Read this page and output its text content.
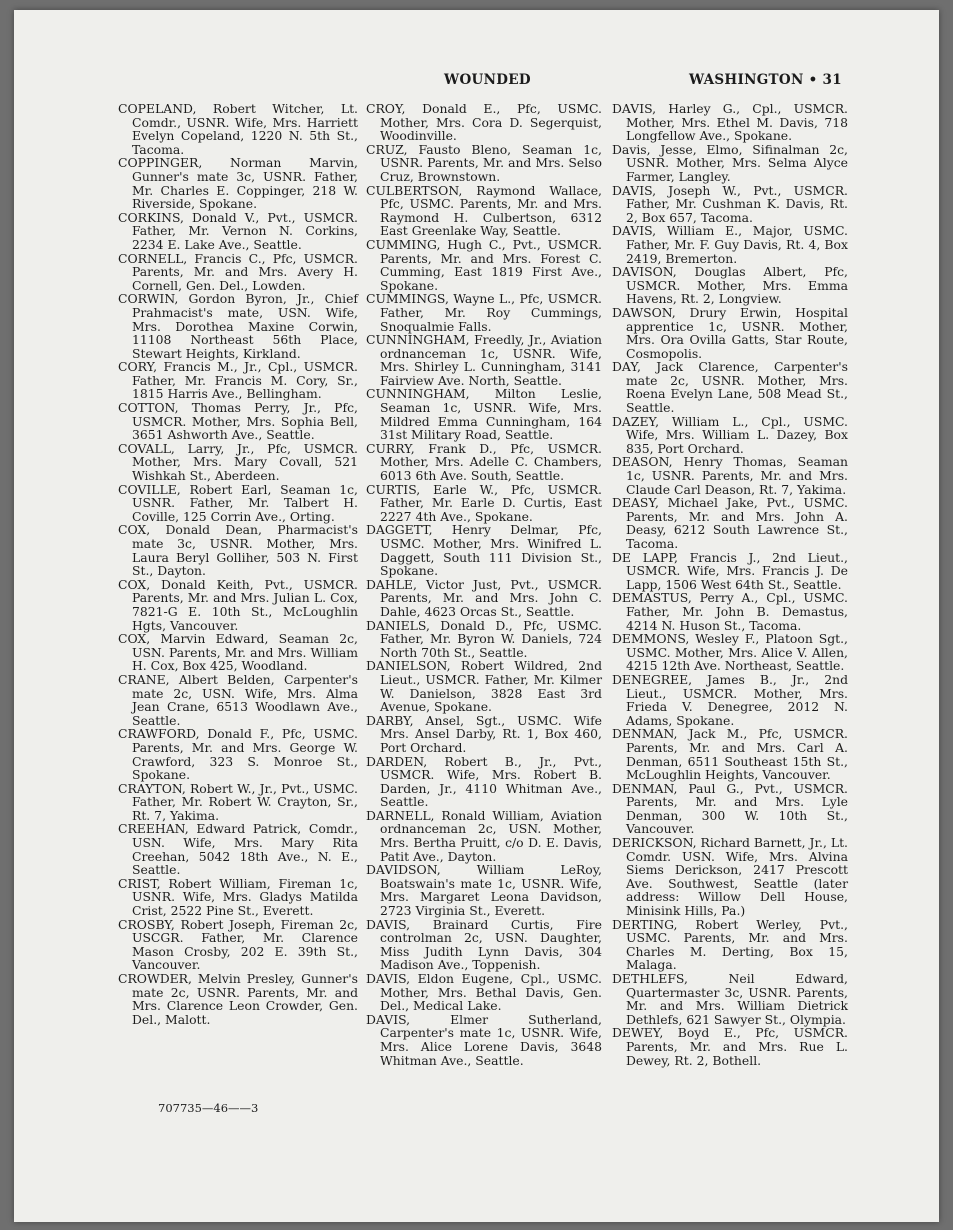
WOUNDED	WASHINGTON • 31

COPELAND, Robert Witcher, Lt. Comdr., USNR. Wife, Mrs. Harriett Evelyn Copeland, 1220 N. 5th St., Tacoma.

COPPINGER, Norman Marvin, Gunner's mate 3c, USNR. Father, Mr. Charles E. Coppinger, 218 W. Riverside, Spokane.

CORKINS, Donald V., Pvt., USMCR. Father, Mr. Vernon N. Corkins, 2234 E. Lake Ave., Seattle.

CORNELL, Francis C., Pfc, USMCR. Parents, Mr. and Mrs. Avery H. Cornell, Gen. Del., Lowden.

CORWIN, Gordon Byron, Jr., Chief Prahmacist's mate, USN. Wife, Mrs. Dorothea Maxine Corwin, 11108 Northeast 56th Place, Stewart Heights, Kirkland.

CORY, Francis M., Jr., Cpl., USMCR. Father, Mr. Francis M. Cory, Sr., 1815 Harris Ave., Bellingham.

COTTON, Thomas Perry, Jr., Pfc, USMCR. Mother, Mrs. Sophia Bell, 3651 Ashworth Ave., Seattle.

COVALL, Larry, Jr., Pfc, USMCR. Mother, Mrs. Mary Covall, 521 Wishkah St., Aberdeen.

COVILLE, Robert Earl, Seaman 1c, USNR. Father, Mr. Talbert H. Coville, 125 Corrin Ave., Orting.

COX, Donald Dean, Pharmacist's mate 3c, USNR. Mother, Mrs. Laura Beryl Golliher, 503 N. First St., Dayton.

COX, Donald Keith, Pvt., USMCR. Parents, Mr. and Mrs. Julian L. Cox, 7821-G E. 10th St., McLoughlin Hgts, Vancouver.

COX, Marvin Edward, Seaman 2c, USN. Parents, Mr. and Mrs. William H. Cox, Box 425, Woodland.

CRANE, Albert Belden, Carpenter's mate 2c, USN. Wife, Mrs. Alma Jean Crane, 6513 Woodlawn Ave., Seattle.

CRAWFORD, Donald F., Pfc, USMC. Parents, Mr. and Mrs. George W. Crawford, 323 S. Monroe St., Spokane.

CRAYTON, Robert W., Jr., Pvt., USMC. Father, Mr. Robert W. Crayton, Sr., Rt. 7, Yakima.

CREEHAN, Edward Patrick, Comdr., USN. Wife, Mrs. Mary Rita Creehan, 5042 18th Ave., N. E., Seattle.

CRIST, Robert William, Fireman 1c, USNR. Wife, Mrs. Gladys Matilda Crist, 2522 Pine St., Everett.

CROSBY, Robert Joseph, Fireman 2c, USCGR. Father, Mr. Clarence Mason Crosby, 202 E. 39th St., Vancouver.

CROWDER, Melvin Presley, Gunner's mate 2c, USNR. Parents, Mr. and Mrs. Clarence Leon Crowder, Gen. Del., Malott.

CROY, Donald E., Pfc, USMC. Mother, Mrs. Cora D. Segerquist, Woodinville.

CRUZ, Fausto Bleno, Seaman 1c, USNR. Parents, Mr. and Mrs. Selso Cruz, Brownstown.

CULBERTSON, Raymond Wallace, Pfc, USMC. Parents, Mr. and Mrs. Raymond H. Culbertson, 6312 East Greenlake Way, Seattle.

CUMMING, Hugh C., Pvt., USMCR. Parents, Mr. and Mrs. Forest C. Cumming, East 1819 First Ave., Spokane.

CUMMINGS, Wayne L., Pfc, USMCR. Father, Mr. Roy Cummings, Snoqualmie Falls.

CUNNINGHAM, Freedly, Jr., Aviation ordnanceman 1c, USNR. Wife, Mrs. Shirley L. Cunningham, 3141 Fairview Ave. North, Seattle.

CUNNINGHAM, Milton Leslie, Seaman 1c, USNR. Wife, Mrs. Mildred Emma Cunningham, 164 31st Military Road, Seattle.

CURRY, Frank D., Pfc, USMCR. Mother, Mrs. Adelle C. Chambers, 6013 6th Ave. South, Seattle.

CURTIS, Earle W., Pfc, USMCR. Father, Mr. Earle D. Curtis, East 2227 4th Ave., Spokane.

DAGGETT, Henry Delmar, Pfc, USMC. Mother, Mrs. Winifred L. Daggett, South 111 Division St., Spokane.

DAHLE, Victor Just, Pvt., USMCR. Parents, Mr. and Mrs. John C. Dahle, 4623 Orcas St., Seattle.

DANIELS, Donald D., Pfc, USMC. Father, Mr. Byron W. Daniels, 724 North 70th St., Seattle.

DANIELSON, Robert Wildred, 2nd Lieut., USMCR. Father, Mr. Kilmer W. Danielson, 3828 East 3rd Avenue, Spokane.

DARBY, Ansel, Sgt., USMC. Wife Mrs. Ansel Darby, Rt. 1, Box 460, Port Orchard.

DARDEN, Robert B., Jr., Pvt., USMCR. Wife, Mrs. Robert B. Darden, Jr., 4110 Whitman Ave., Seattle.

DARNELL, Ronald William, Aviation ordnanceman 2c, USN. Mother, Mrs. Bertha Pruitt, c/o D. E. Davis, Patit Ave., Dayton.

DAVIDSON, William LeRoy, Boatswain's mate 1c, USNR. Wife, Mrs. Margaret Leona Davidson, 2723 Virginia St., Everett.

DAVIS, Brainard Curtis, Fire controlman 2c, USN. Daughter, Miss Judith Lynn Davis, 304 Madison Ave., Toppenish.

DAVIS, Eldon Eugene, Cpl., USMC. Mother, Mrs. Bethal Davis, Gen. Del., Medical Lake.

DAVIS, Elmer Sutherland, Carpenter's mate 1c, USNR. Wife, Mrs. Alice Lorene Davis, 3648 Whitman Ave., Seattle.

DAVIS, Harley G., Cpl., USMCR. Mother, Mrs. Ethel M. Davis, 718 Longfellow Ave., Spokane.

Davis, Jesse, Elmo, Sifinalman 2c, USNR. Mother, Mrs. Selma Alyce Farmer, Langley.

DAVIS, Joseph W., Pvt., USMCR. Father, Mr. Cushman K. Davis, Rt. 2, Box 657, Tacoma.

DAVIS, William E., Major, USMC. Father, Mr. F. Guy Davis, Rt. 4, Box 2419, Bremerton.

DAVISON, Douglas Albert, Pfc, USMCR. Mother, Mrs. Emma Havens, Rt. 2, Longview.

DAWSON, Drury Erwin, Hospital apprentice 1c, USNR. Mother, Mrs. Ora Ovilla Gatts, Star Route, Cosmopolis.

DAY, Jack Clarence, Carpenter's mate 2c, USNR. Mother, Mrs. Roena Evelyn Lane, 508 Mead St., Seattle.

DAZEY, William L., Cpl., USMC. Wife, Mrs. William L. Dazey, Box 835, Port Orchard.

DEASON, Henry Thomas, Seaman 1c, USNR. Parents, Mr. and Mrs. Claude Carl Deason, Rt. 7, Yakima.

DEASY, Michael Jake, Pvt., USMC. Parents, Mr. and Mrs. John A. Deasy, 6212 South Lawrence St., Tacoma.

DE LAPP, Francis J., 2nd Lieut., USMCR. Wife, Mrs. Francis J. De Lapp, 1506 West 64th St., Seattle.

DEMASTUS, Perry A., Cpl., USMC. Father, Mr. John B. Demastus, 4214 N. Huson St., Tacoma.

DEMMONS, Wesley F., Platoon Sgt., USMC. Mother, Mrs. Alice V. Allen, 4215 12th Ave. Northeast, Seattle.

DENEGREE, James B., Jr., 2nd Lieut., USMCR. Mother, Mrs. Frieda V. Denegree, 2012 N. Adams, Spokane.

DENMAN, Jack M., Pfc, USMCR. Parents, Mr. and Mrs. Carl A. Denman, 6511 Southeast 15th St., McLoughlin Heights, Vancouver.

DENMAN, Paul G., Pvt., USMCR. Parents, Mr. and Mrs. Lyle Denman, 300 W. 10th St., Vancouver.

DERICKSON, Richard Barnett, Jr., Lt. Comdr. USN. Wife, Mrs. Alvina Siems Derickson, 2417 Prescott Ave. Southwest, Seattle (later address: Willow Dell House, Minisink Hills, Pa.)

DERTING, Robert Werley, Pvt., USMC. Parents, Mr. and Mrs. Charles M. Derting, Box 15, Malaga.

DETHLEFS, Neil Edward, Quartermaster 3c, USNR. Parents, Mr. and Mrs. William Dietrick Dethlefs, 621 Sawyer St., Olympia.

DEWEY, Boyd E., Pfc, USMCR. Parents, Mr. and Mrs. Rue L. Dewey, Rt. 2, Bothell.

707735—46——3
